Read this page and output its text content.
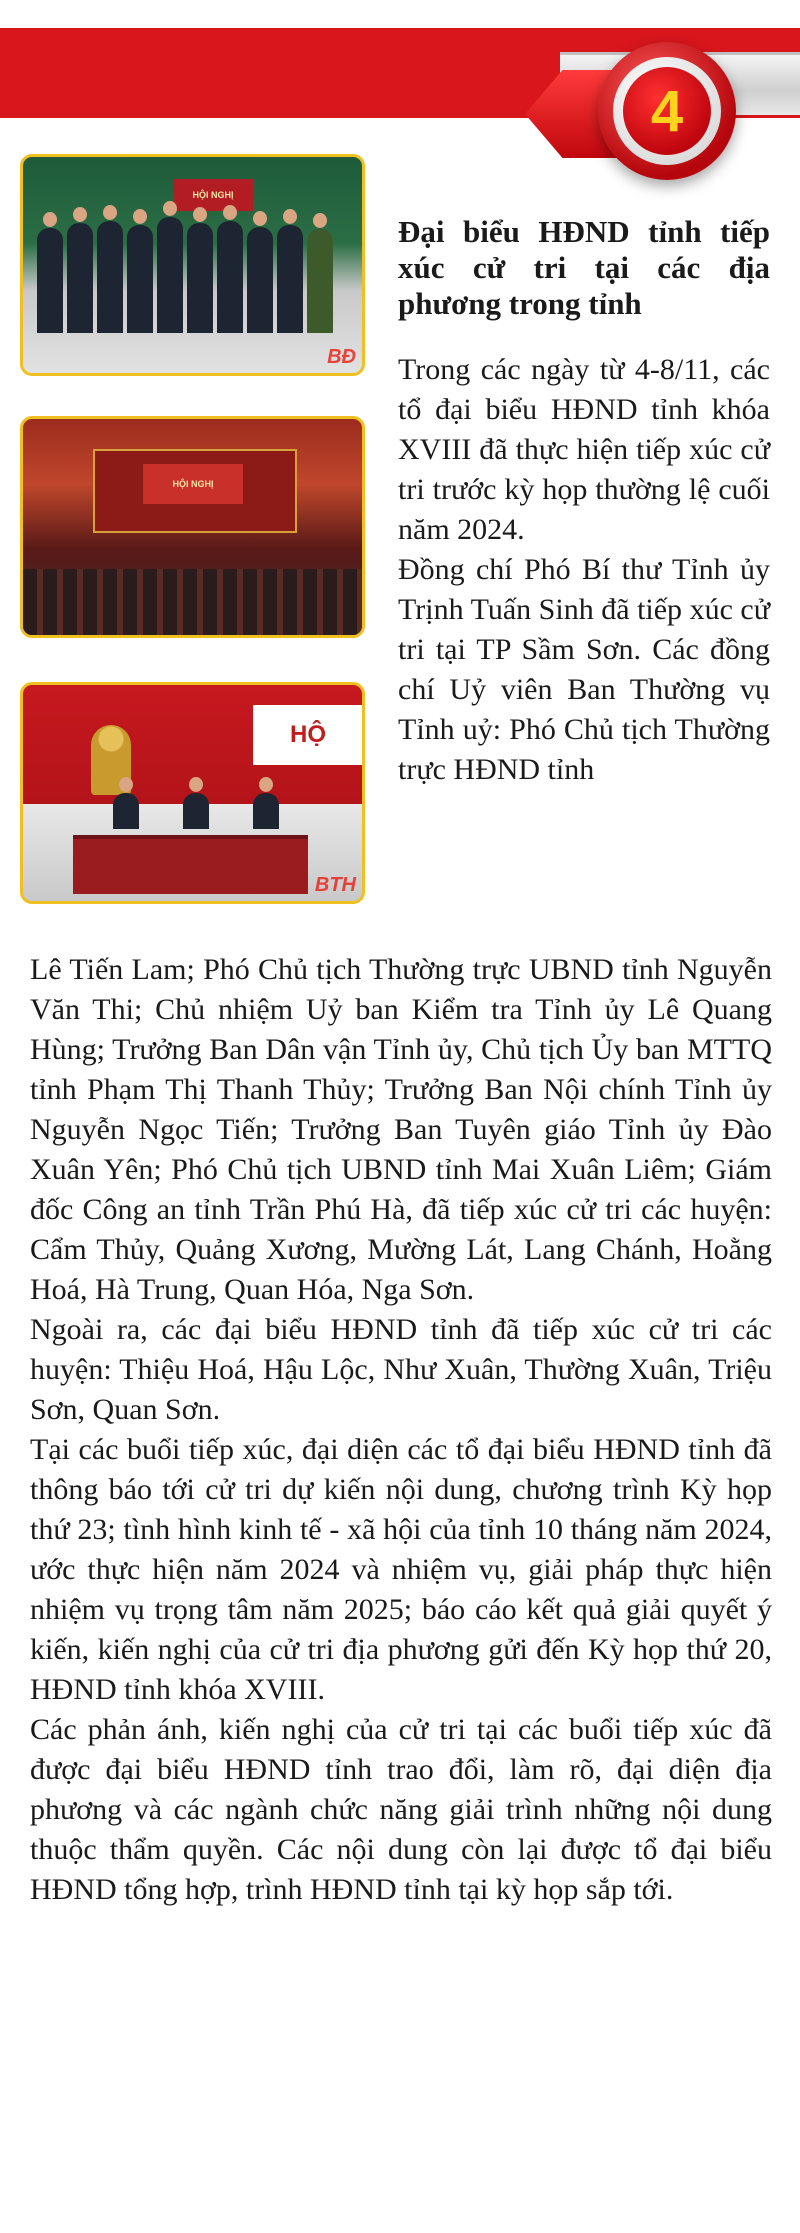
4
HỘI NGHỊ
BĐ
HỘI NGHỊ
HỘ
BTH
Đại biểu HĐND tỉnh tiếp xúc cử tri tại các địa phương trong tỉnh

Trong các ngày từ 4-8/11, các tổ đại biểu HĐND tỉnh khóa XVIII đã thực hiện tiếp xúc cử tri trước kỳ họp thường lệ cuối năm 2024.

Đồng chí Phó Bí thư Tỉnh ủy Trịnh Tuấn Sinh đã tiếp xúc cử tri tại TP Sầm Sơn. Các đồng chí Uỷ viên Ban Thường vụ Tỉnh uỷ: Phó Chủ tịch Thường trực HĐND tỉnh

Lê Tiến Lam; Phó Chủ tịch Thường trực UBND tỉnh Nguyễn Văn Thi; Chủ nhiệm Uỷ ban Kiểm tra Tỉnh ủy Lê Quang Hùng; Trưởng Ban Dân vận Tỉnh ủy, Chủ tịch Ủy ban MTTQ tỉnh Phạm Thị Thanh Thủy; Trưởng Ban Nội chính Tỉnh ủy Nguyễn Ngọc Tiến; Trưởng Ban Tuyên giáo Tỉnh ủy Đào Xuân Yên; Phó Chủ tịch UBND tỉnh Mai Xuân Liêm; Giám đốc Công an tỉnh Trần Phú Hà, đã tiếp xúc cử tri các huyện: Cẩm Thủy, Quảng Xương, Mường Lát, Lang Chánh, Hoằng Hoá, Hà Trung, Quan Hóa, Nga Sơn.

Ngoài ra, các đại biểu HĐND tỉnh đã tiếp xúc cử tri các huyện: Thiệu Hoá, Hậu Lộc, Như Xuân, Thường Xuân, Triệu Sơn, Quan Sơn.

Tại các buổi tiếp xúc, đại diện các tổ đại biểu HĐND tỉnh đã thông báo tới cử tri dự kiến nội dung, chương trình Kỳ họp thứ 23; tình hình kinh tế - xã hội của tỉnh 10 tháng năm 2024, ước thực hiện năm 2024 và nhiệm vụ, giải pháp thực hiện nhiệm vụ trọng tâm năm 2025; báo cáo kết quả giải quyết ý kiến, kiến nghị của cử tri địa phương gửi đến Kỳ họp thứ 20, HĐND tỉnh khóa XVIII.

Các phản ánh, kiến nghị của cử tri tại các buổi tiếp xúc đã được đại biểu HĐND tỉnh trao đổi, làm rõ, đại diện địa phương và các ngành chức năng giải trình những nội dung thuộc thẩm quyền. Các nội dung còn lại được tổ đại biểu HĐND tổng hợp, trình HĐND tỉnh tại kỳ họp sắp tới.
